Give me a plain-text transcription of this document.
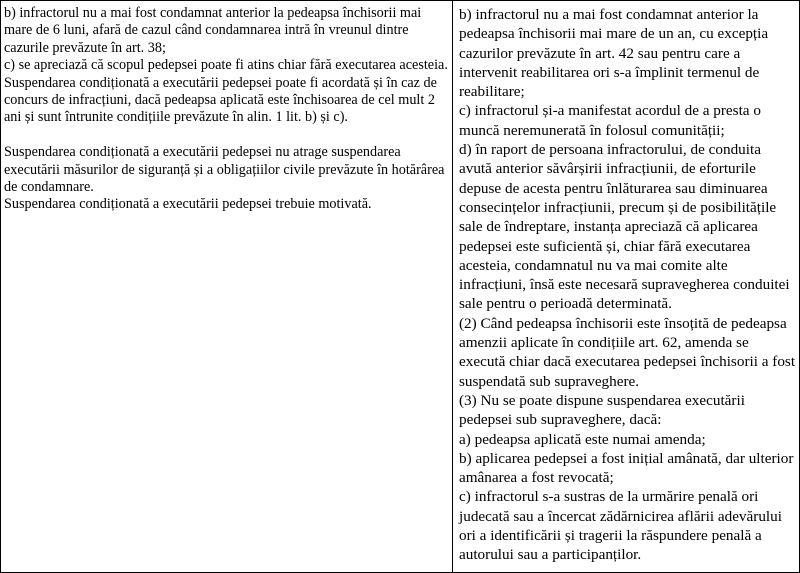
b) infractorul nu a mai fost condamnat anterior la pedeapsa închisorii mai mare de 6 luni, afară de cazul când condamnarea intră în vreunul dintre cazurile prevăzute în art. 38;

c) se apreciază că scopul pedepsei poate fi atins chiar fără executarea acesteia.

Suspendarea condiționată a executării pedepsei poate fi acordată și în caz de concurs de infracțiuni, dacă pedeapsa aplicată este închisoarea de cel mult 2 ani și sunt întrunite condițiile prevăzute în alin. 1 lit. b) și c).

Suspendarea condiționată a executării pedepsei nu atrage suspendarea executării măsurilor de siguranță și a obligațiilor civile prevăzute în hotărârea de condamnare.

Suspendarea condiționată a executării pedepsei trebuie motivată.

b) infractorul nu a mai fost condamnat anterior la pedeapsa închisorii mai mare de un an, cu excepția cazurilor prevăzute în art. 42 sau pentru care a intervenit reabilitarea ori s-a împlinit termenul de reabilitare;

c) infractorul și-a manifestat acordul de a presta o muncă neremunerată în folosul comunității;

d) în raport de persoana infractorului, de conduita avută anterior săvârșirii infracțiunii, de eforturile depuse de acesta pentru înlăturarea sau diminuarea consecințelor infracțiunii, precum și de posibilitățile sale de îndreptare, instanța apreciază că aplicarea pedepsei este suficientă și, chiar fără executarea acesteia, condamnatul nu va mai comite alte infracțiuni, însă este necesară supravegherea conduitei sale pentru o perioadă determinată.

(2) Când pedeapsa închisorii este însoțită de pedeapsa amenzii aplicate în condițiile art. 62, amenda se execută chiar dacă executarea pedepsei închisorii a fost suspendată sub supraveghere.

(3) Nu se poate dispune suspendarea executării pedepsei sub supraveghere, dacă:

a) pedeapsa aplicată este numai amenda;

b) aplicarea pedepsei a fost inițial amânată, dar ulterior amânarea a fost revocată;

c) infractorul s-a sustras de la urmărire penală ori judecată sau a încercat zădărnicirea aflării adevărului ori a identificării și tragerii la răspundere penală a autorului sau a participanților.
